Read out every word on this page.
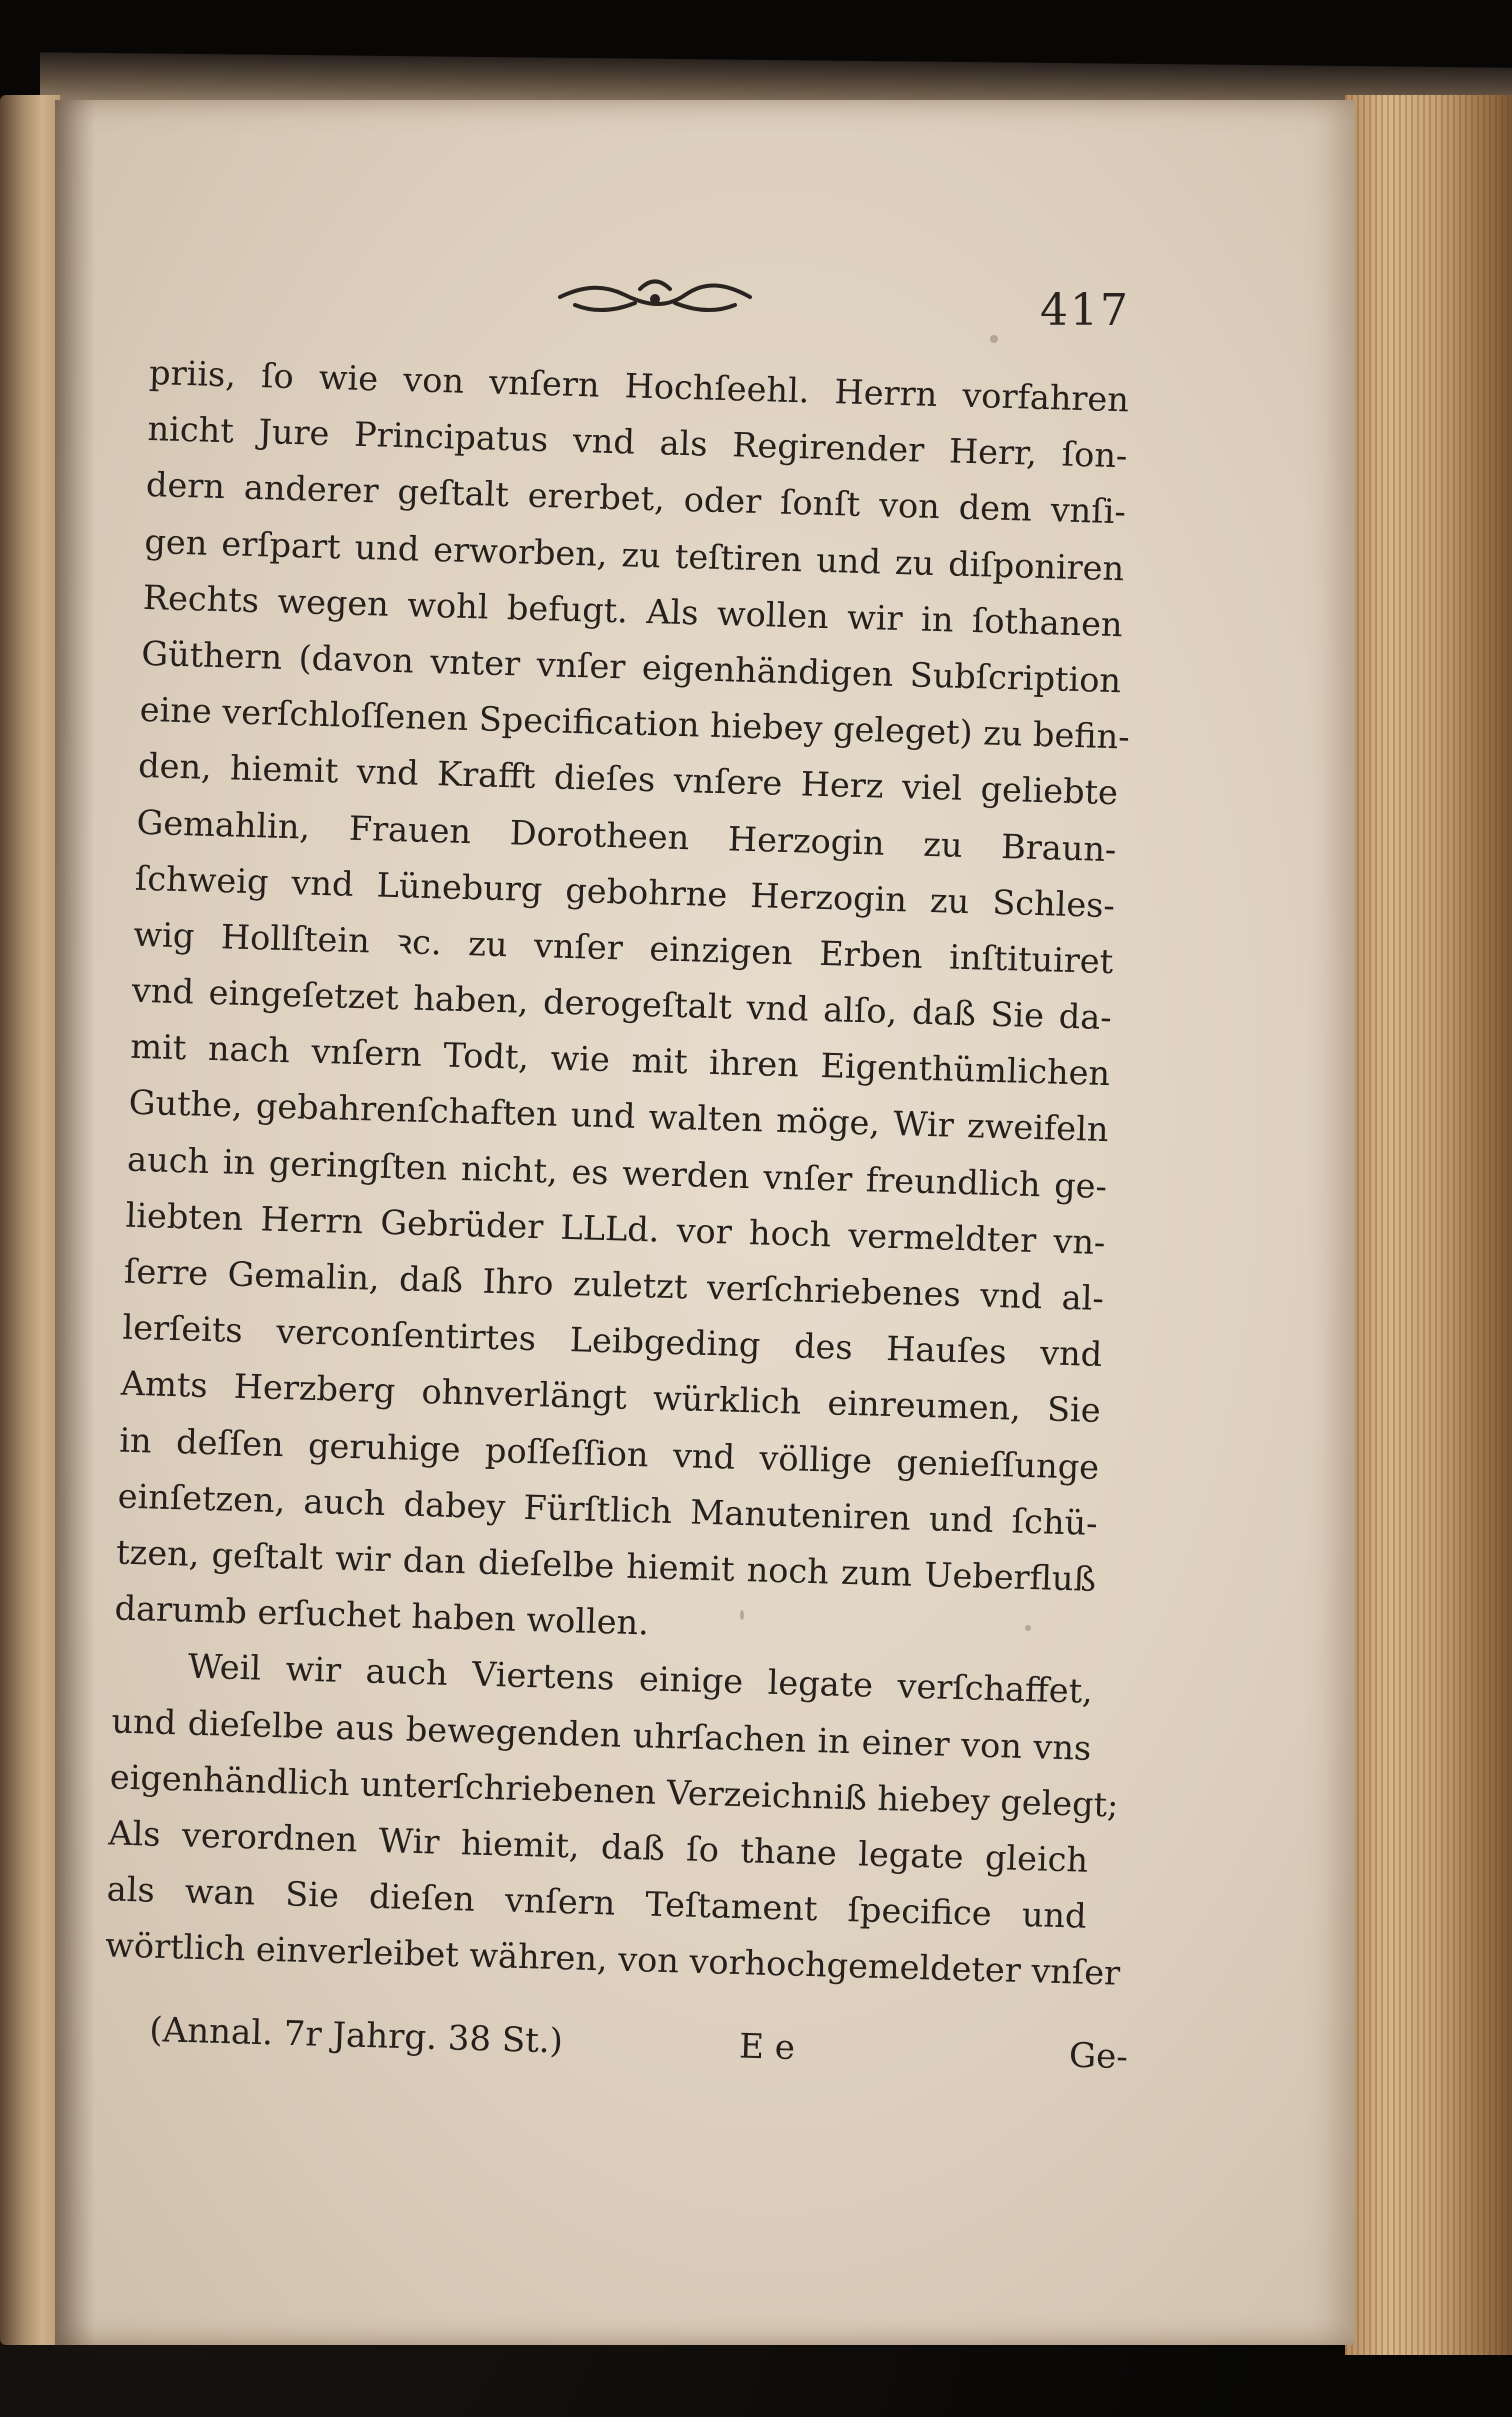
417
priis, ſo wie von vnſern Hochſeehl. Herrn vorfahren
nicht Jure Principatus vnd als Regirender Herr, ſon-
dern anderer geſtalt ererbet, oder ſonſt von dem vnſi-
gen erſpart und erworben, zu teſtiren und zu diſponiren
Rechts wegen wohl befugt. Als wollen wir in ſothanen
Güthern (davon vnter vnſer eigenhändigen Subſcription
eine verſchloſſenen Specification hiebey geleget) zu befin-
den, hiemit vnd Krafft dieſes vnſere Herz viel geliebte
Gemahlin, Frauen Dorotheen Herzogin zu Braun-
ſchweig vnd Lüneburg gebohrne Herzogin zu Schles-
wig Hollſtein ꝛc. zu vnſer einzigen Erben inſtituiret
vnd eingeſetzet haben, derogeſtalt vnd alſo, daß Sie da-
mit nach vnſern Todt, wie mit ihren Eigenthümlichen
Guthe, gebahrenſchaften und walten möge, Wir zweifeln
auch in geringſten nicht, es werden vnſer freundlich ge-
liebten Herrn Gebrüder LLLd. vor hoch vermeldter vn-
ſerre Gemalin, daß Ihro zuletzt verſchriebenes vnd al-
lerſeits verconſentirtes Leibgeding des Hauſes vnd
Amts Herzberg ohnverlängt würklich einreumen, Sie
in deſſen geruhige poſſeſſion vnd völlige genieſſunge
einſetzen, auch dabey Fürſtlich Manuteniren und ſchü-
tzen, geſtalt wir dan dieſelbe hiemit noch zum Ueberfluß
darumb erſuchet haben wollen.
Weil wir auch Viertens einige legate verſchaffet,
und dieſelbe aus bewegenden uhrſachen in einer von vns
eigenhändlich unterſchriebenen Verzeichniß hiebey gelegt;
Als verordnen Wir hiemit, daß ſo thane legate gleich
als wan Sie dieſen vnſern Teſtament ſpecifice und
wörtlich einverleibet währen, von vorhochgemeldeter vnſer
(Annal. 7r Jahrg. 38 St.)	E e	Ge-
